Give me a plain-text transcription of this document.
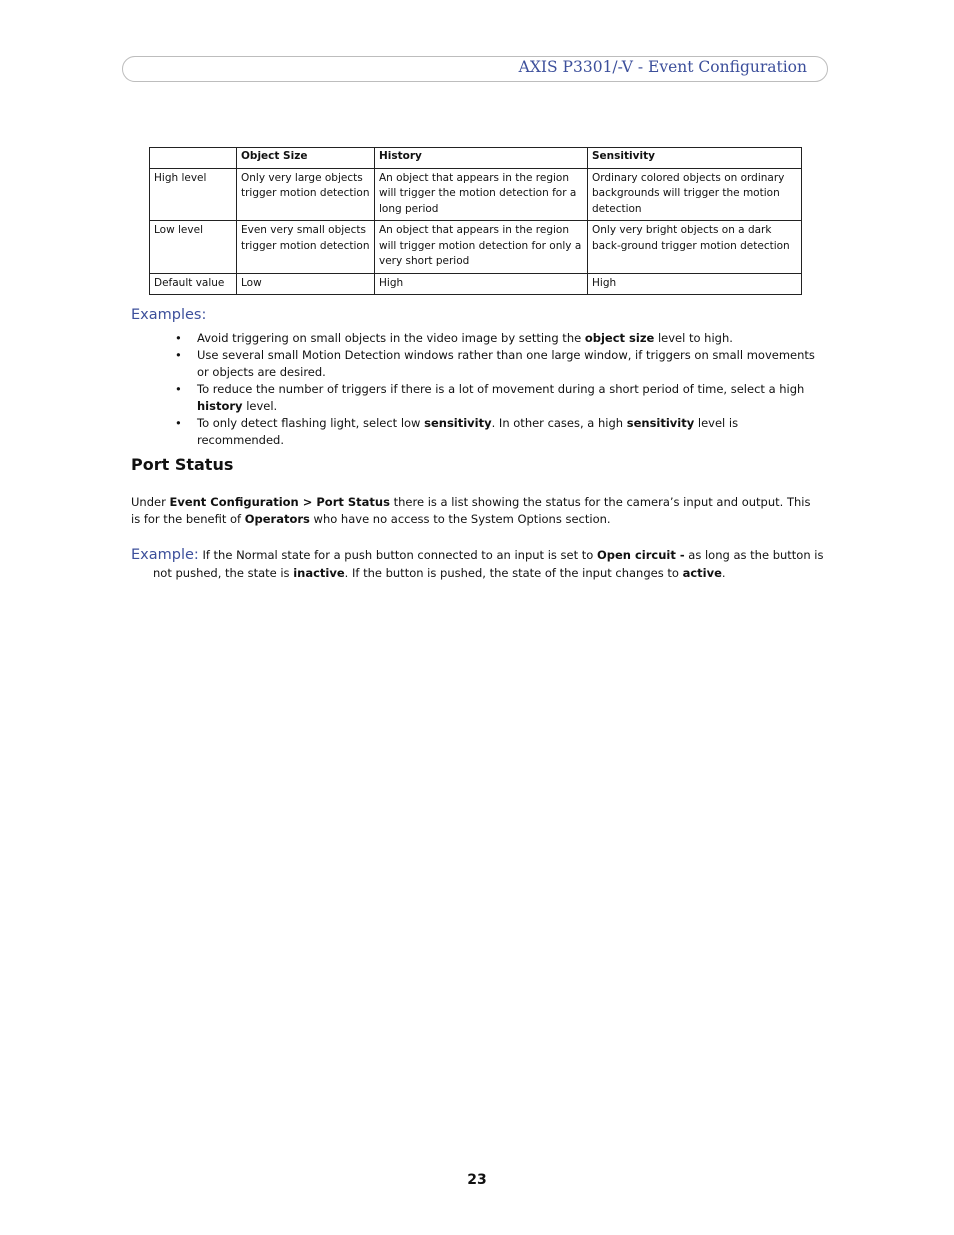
AXIS P3301/-V - Event Configuration
	Object Size	History	Sensitivity
High level	Only very large objects trigger motion detection	An object that appears in the region will trigger the motion detection for a long period	Ordinary colored objects on ordinary backgrounds will trigger the motion detection
Low level	Even very small objects trigger motion detection	An object that appears in the region will trigger motion detection for only a very short period	Only very bright objects on a dark back-ground trigger motion detection
Default value	Low	High	High
Examples:
• Avoid triggering on small objects in the video image by setting the object size level to high.
• Use several small Motion Detection windows rather than one large window, if triggers on small movements or objects are desired.
• To reduce the number of triggers if there is a lot of movement during a short period of time, select a high history level.
• To only detect flashing light, select low sensitivity. In other cases, a high sensitivity level is recommended.
Port Status
Under Event Configuration > Port Status there is a list showing the status for the camera’s input and output. This is for the benefit of Operators who have no access to the System Options section.
Example: If the Normal state for a push button connected to an input is set to Open circuit - as long as the button is not pushed, the state is inactive. If the button is pushed, the state of the input changes to active.
23
